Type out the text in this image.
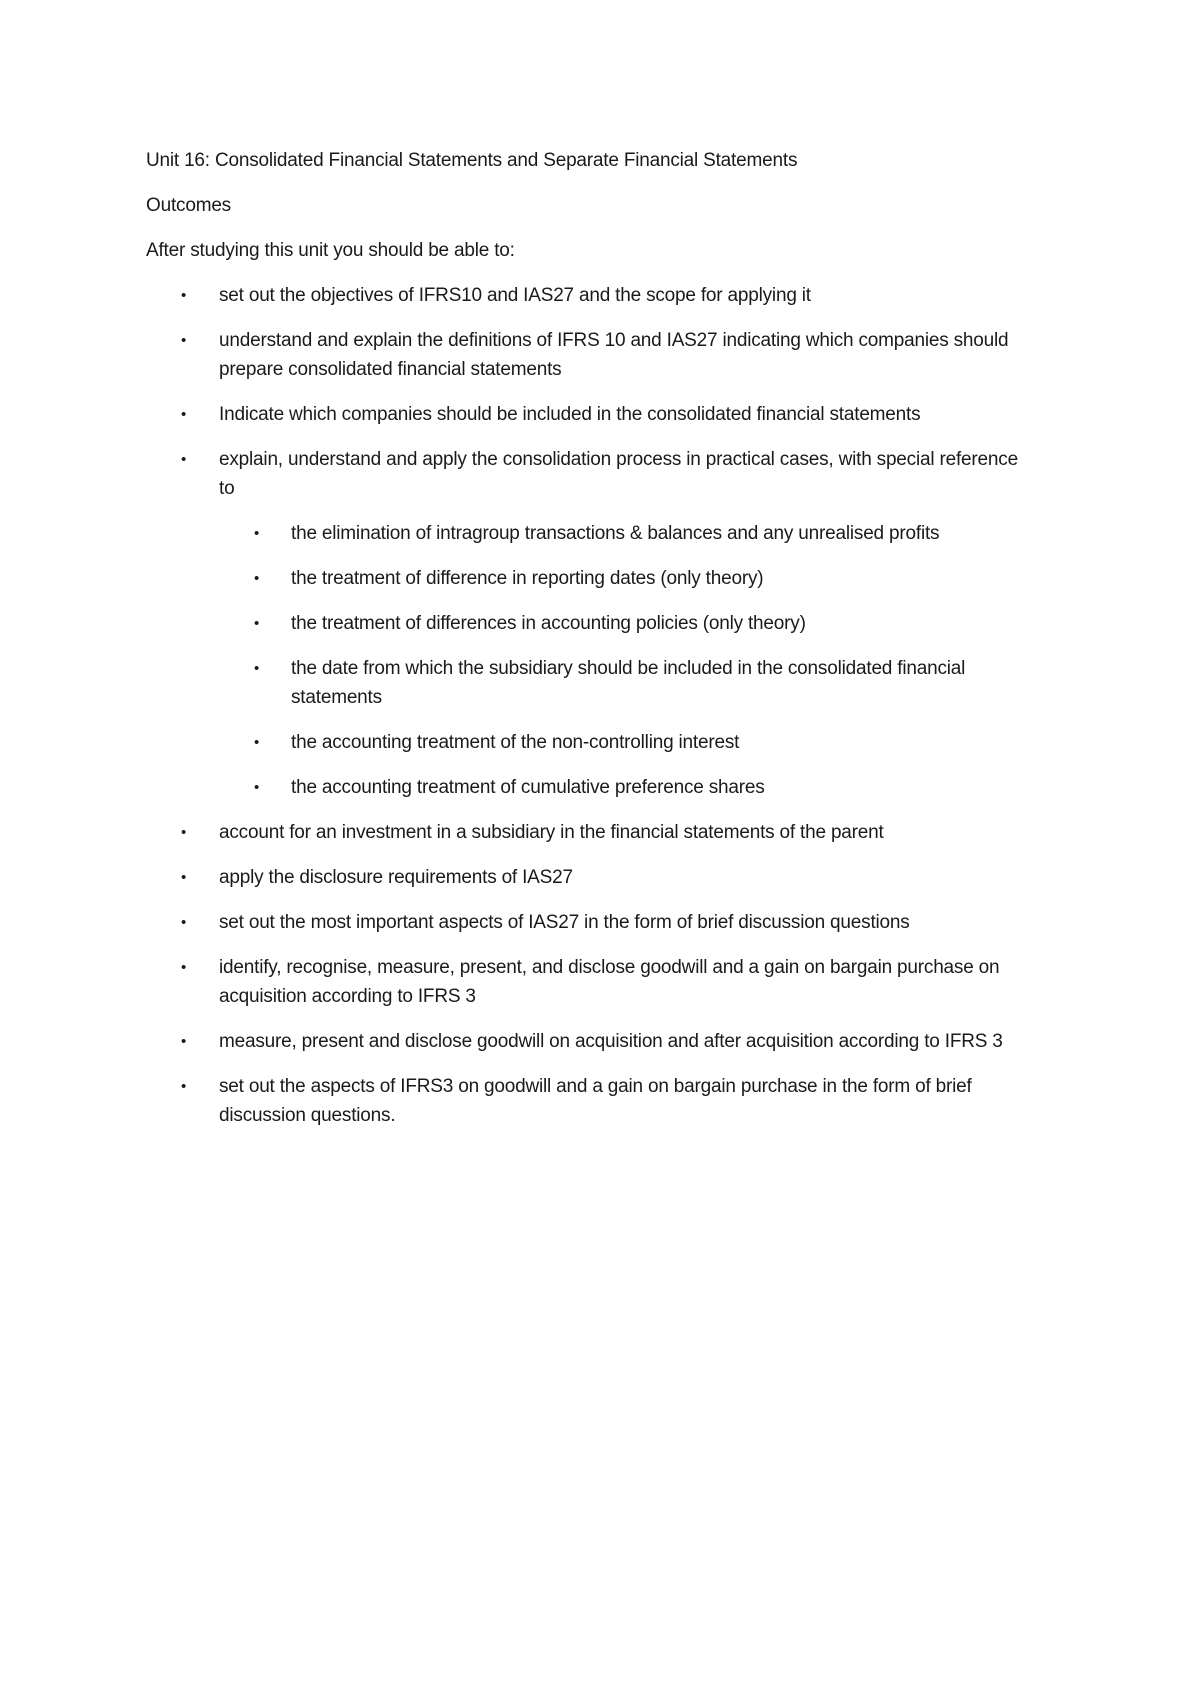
Unit 16: Consolidated Financial Statements and Separate Financial Statements

Outcomes

After studying this unit you should be able to:

• set out the objectives of IFRS10 and IAS27 and the scope for applying it
• understand and explain the definitions of IFRS 10 and IAS27 indicating which companies should prepare consolidated financial statements
• Indicate which companies should be included in the consolidated financial statements
• explain, understand and apply the consolidation process in practical cases, with special reference to
• the elimination of intragroup transactions & balances and any unrealised profits
• the treatment of difference in reporting dates (only theory)
• the treatment of differences in accounting policies (only theory)
• the date from which the subsidiary should be included in the consolidated financial statements
• the accounting treatment of the non-controlling interest
• the accounting treatment of cumulative preference shares
• account for an investment in a subsidiary in the financial statements of the parent
• apply the disclosure requirements of IAS27
• set out the most important aspects of IAS27 in the form of brief discussion questions
• identify, recognise, measure, present, and disclose goodwill and a gain on bargain purchase on acquisition according to IFRS 3
• measure, present and disclose goodwill on acquisition and after acquisition according to IFRS 3
• set out the aspects of IFRS3 on goodwill and a gain on bargain purchase in the form of brief discussion questions.
